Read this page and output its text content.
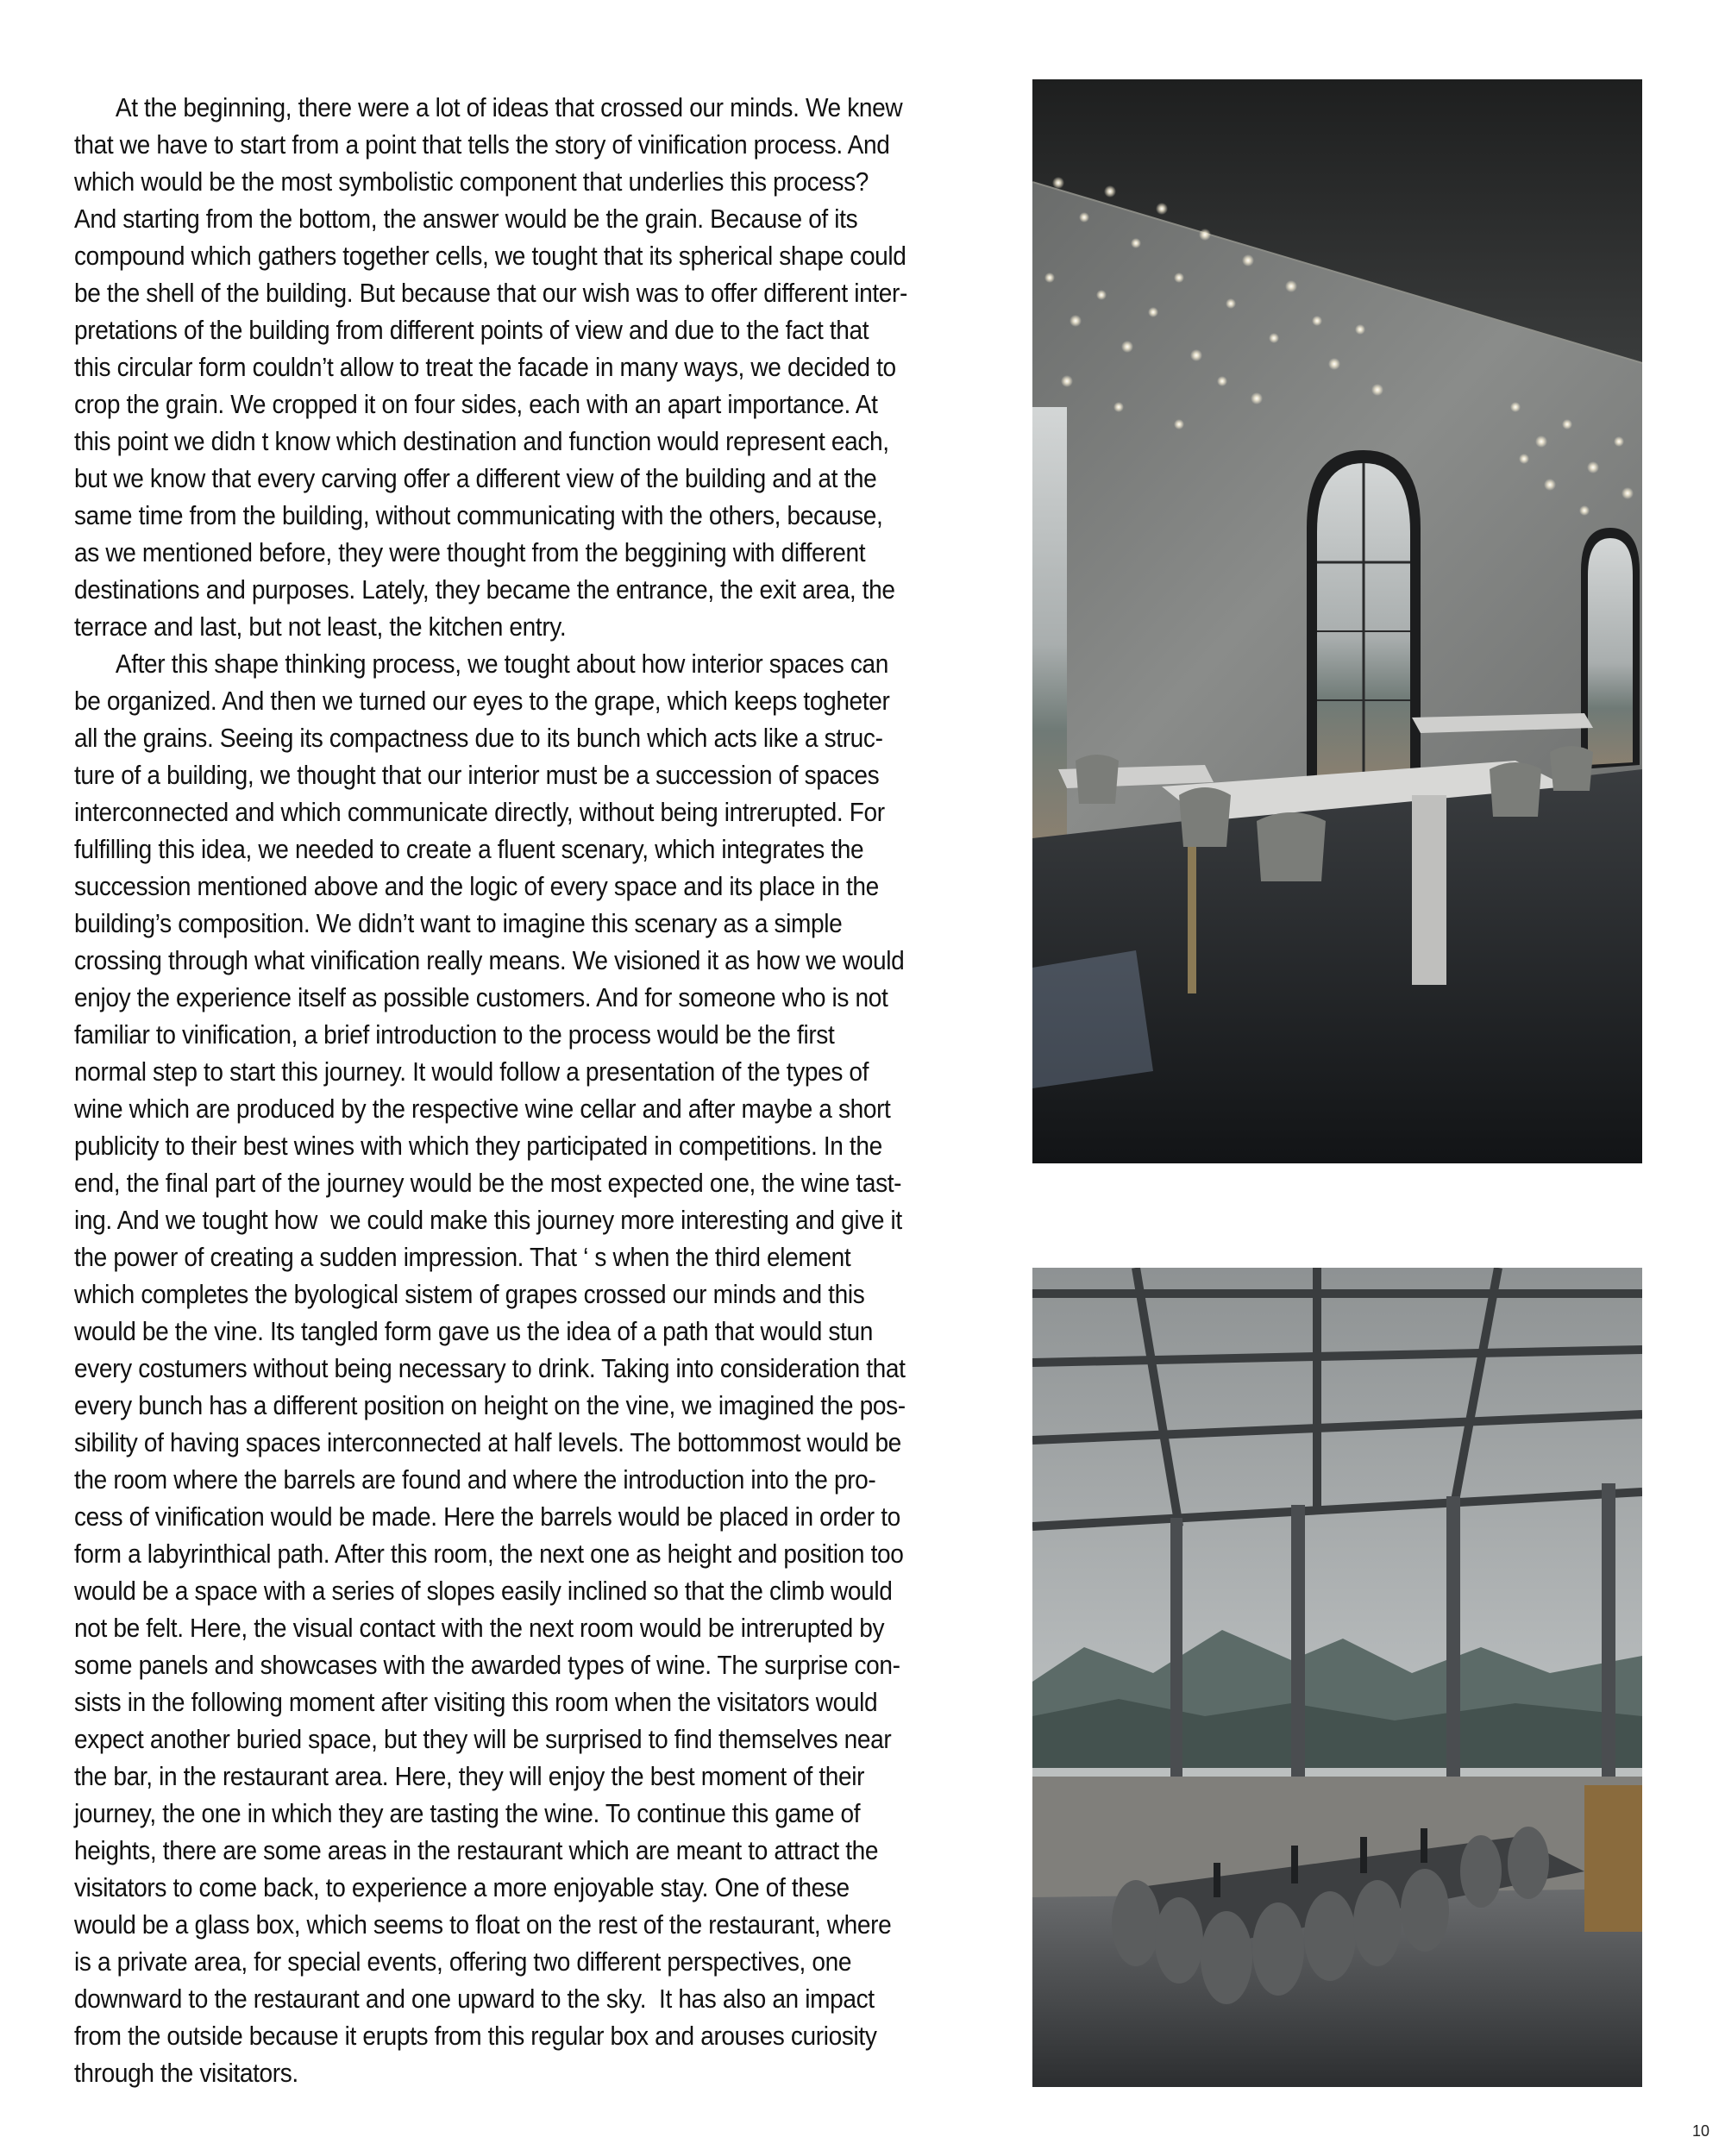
At the beginning, there were a lot of ideas that crossed our minds. We knew
that we have to start from a point that tells the story of vinification process. And
which would be the most symbolistic component that underlies this process?
And starting from the bottom, the answer would be the grain. Because of its
compound which gathers together cells, we tought that its spherical shape could
be the shell of the building. But because that our wish was to offer different inter-
pretations of the building from different points of view and due to the fact that
this circular form couldn’t allow to treat the facade in many ways, we decided to
crop the grain. We cropped it on four sides, each with an apart importance. At
this point we didn t know which destination and function would represent each,
but we know that every carving offer a different view of the building and at the
same time from the building, without communicating with the others, because,
as we mentioned before, they were thought from the beggining with different
destinations and purposes. Lately, they became the entrance, the exit area, the
terrace and last, but not least, the kitchen entry.
After this shape thinking process, we tought about how interior spaces can
be organized. And then we turned our eyes to the grape, which keeps togheter
all the grains. Seeing its compactness due to its bunch which acts like a struc-
ture of a building, we thought that our interior must be a succession of spaces
interconnected and which communicate directly, without being intrerupted. For
fulfilling this idea, we needed to create a fluent scenary, which integrates the
succession mentioned above and the logic of every space and its place in the
building’s composition. We didn’t want to imagine this scenary as a simple
crossing through what vinification really means. We visioned it as how we would
enjoy the experience itself as possible customers. And for someone who is not
familiar to vinification, a brief introduction to the process would be the first
normal step to start this journey. It would follow a presentation of the types of
wine which are produced by the respective wine cellar and after maybe a short
publicity to their best wines with which they participated in competitions. In the
end, the final part of the journey would be the most expected one, the wine tast-
ing. And we tought how  we could make this journey more interesting and give it
the power of creating a sudden impression. That ‘ s when the third element
which completes the byological sistem of grapes crossed our minds and this
would be the vine. Its tangled form gave us the idea of a path that would stun
every costumers without being necessary to drink. Taking into consideration that
every bunch has a different position on height on the vine, we imagined the pos-
sibility of having spaces interconnected at half levels. The bottommost would be
the room where the barrels are found and where the introduction into the pro-
cess of vinification would be made. Here the barrels would be placed in order to
form a labyrinthical path. After this room, the next one as height and position too
would be a space with a series of slopes easily inclined so that the climb would
not be felt. Here, the visual contact with the next room would be intrerupted by
some panels and showcases with the awarded types of wine. The surprise con-
sists in the following moment after visiting this room when the visitators would
expect another buried space, but they will be surprised to find themselves near
the bar, in the restaurant area. Here, they will enjoy the best moment of their
journey, the one in which they are tasting the wine. To continue this game of
heights, there are some areas in the restaurant which are meant to attract the
visitators to come back, to experience a more enjoyable stay. One of these
would be a glass box, which seems to float on the rest of the restaurant, where
is a private area, for special events, offering two different perspectives, one
downward to the restaurant and one upward to the sky.  It has also an impact
from the outside because it erupts from this regular box and arouses curiosity
through the visitators.
10
